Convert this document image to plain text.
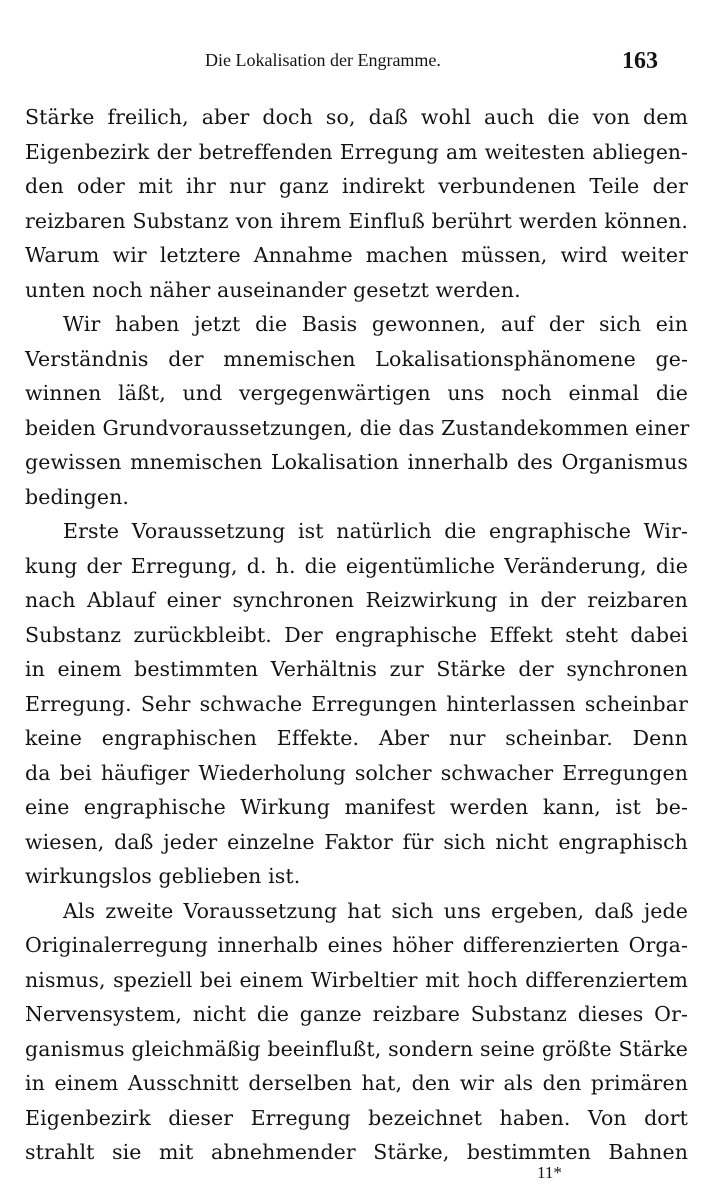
Die Lokalisation der Engramme.	163
Stärke freilich, aber doch so, daß wohl auch die von dem
Eigenbezirk der betreffenden Erregung am weitesten abliegen-
den oder mit ihr nur ganz indirekt verbundenen Teile der
reizbaren Substanz von ihrem Einfluß berührt werden können.
Warum wir letztere Annahme machen müssen, wird weiter
unten noch näher auseinander gesetzt werden.
Wir haben jetzt die Basis gewonnen, auf der sich ein
Verständnis der mnemischen Lokalisationsphänomene ge-
winnen läßt, und vergegenwärtigen uns noch einmal die
beiden Grundvoraussetzungen, die das Zustandekommen einer
gewissen mnemischen Lokalisation innerhalb des Organismus
bedingen.
Erste Voraussetzung ist natürlich die engraphische Wir-
kung der Erregung, d. h. die eigentümliche Veränderung, die
nach Ablauf einer synchronen Reizwirkung in der reizbaren
Substanz zurückbleibt. Der engraphische Effekt steht dabei
in einem bestimmten Verhältnis zur Stärke der synchronen
Erregung. Sehr schwache Erregungen hinterlassen scheinbar
keine engraphischen Effekte. Aber nur scheinbar. Denn
da bei häufiger Wiederholung solcher schwacher Erregungen
eine engraphische Wirkung manifest werden kann, ist be-
wiesen, daß jeder einzelne Faktor für sich nicht engraphisch
wirkungslos geblieben ist.
Als zweite Voraussetzung hat sich uns ergeben, daß jede
Originalerregung innerhalb eines höher differenzierten Orga-
nismus, speziell bei einem Wirbeltier mit hoch differenziertem
Nervensystem, nicht die ganze reizbare Substanz dieses Or-
ganismus gleichmäßig beeinflußt, sondern seine größte Stärke
in einem Ausschnitt derselben hat, den wir als den primären
Eigenbezirk dieser Erregung bezeichnet haben. Von dort
strahlt sie mit abnehmender Stärke, bestimmten Bahnen
11*
